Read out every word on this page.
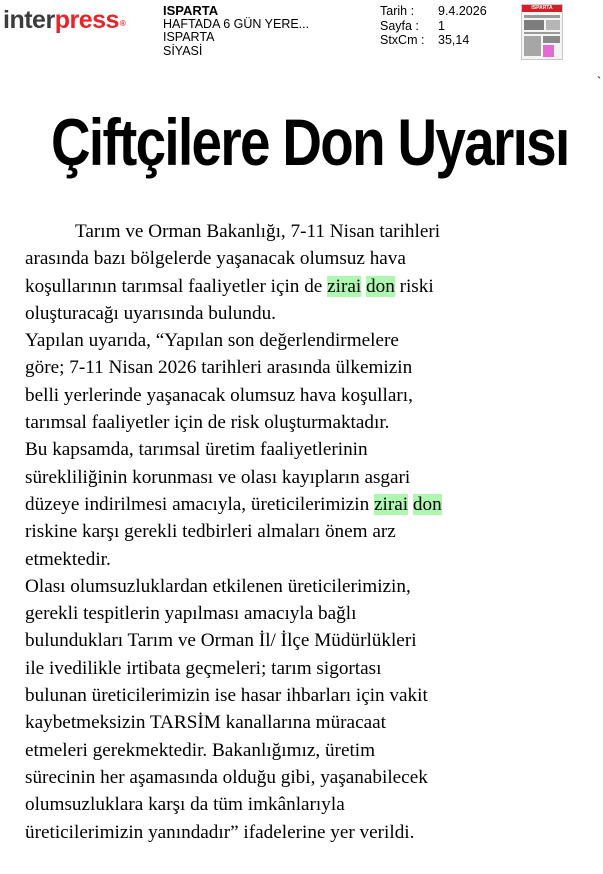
interpress®
ISPARTA
HAFTADA 6 GÜN YERE...
ISPARTA
SİYASİ
Tarih : 9.4.2026
Sayfa : 1
StxCm : 35,14
ISPARTA
`
Çiftçilere Don Uyarısı

Tarım ve Orman Bakanlığı, 7-11 Nisan tarihleri

arasında bazı bölgelerde yaşanacak olumsuz hava

koşullarının tarımsal faaliyetler için de zirai don riski

oluşturacağı uyarısında bulundu.

Yapılan uyarıda, “Yapılan son değerlendirmelere

göre; 7-11 Nisan 2026 tarihleri arasında ülkemizin

belli yerlerinde yaşanacak olumsuz hava koşulları,

tarımsal faaliyetler için de risk oluşturmaktadır.

Bu kapsamda, tarımsal üretim faaliyetlerinin

sürekliliğinin korunması ve olası kayıpların asgari

düzeye indirilmesi amacıyla, üreticilerimizin zirai don

riskine karşı gerekli tedbirleri almaları önem arz

etmektedir.

Olası olumsuzluklardan etkilenen üreticilerimizin,

gerekli tespitlerin yapılması amacıyla bağlı

bulundukları Tarım ve Orman İl/ İlçe Müdürlükleri

ile ivedilikle irtibata geçmeleri; tarım sigortası

bulunan üreticilerimizin ise hasar ihbarları için vakit

kaybetmeksizin TARSİM kanallarına müracaat

etmeleri gerekmektedir. Bakanlığımız, üretim

sürecinin her aşamasında olduğu gibi, yaşanabilecek

olumsuzluklara karşı da tüm imkânlarıyla

üreticilerimizin yanındadır” ifadelerine yer verildi.
